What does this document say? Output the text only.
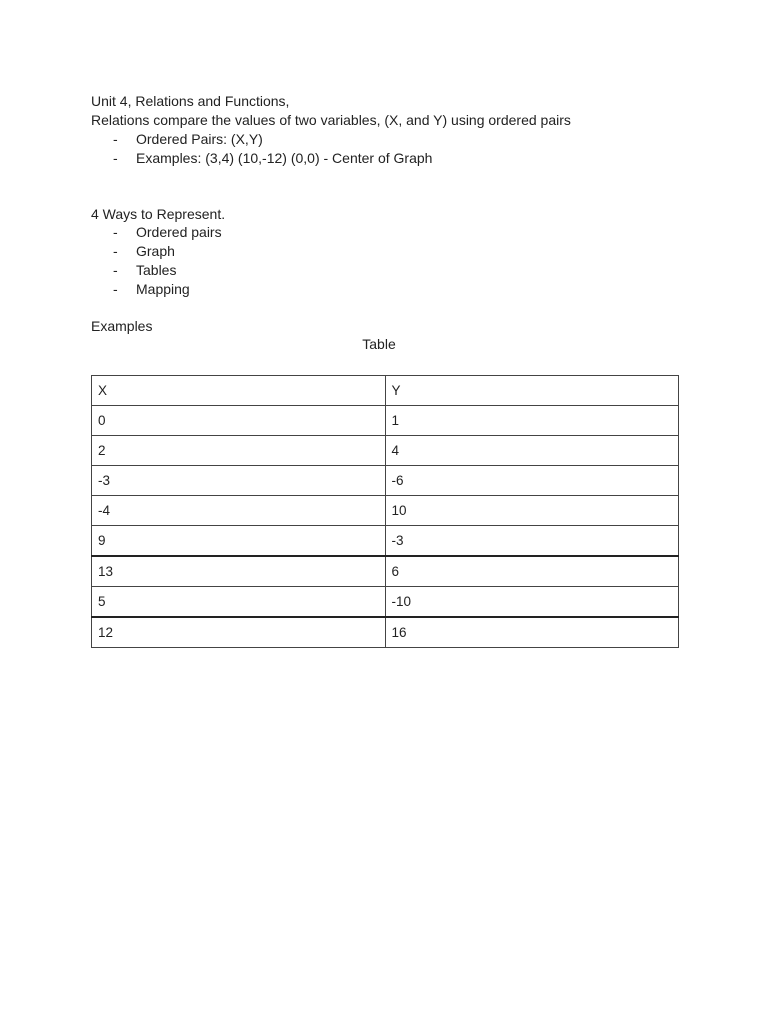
Unit 4, Relations and Functions,
Relations compare the values of two variables, (X, and Y) using ordered pairs
- Ordered Pairs: (X,Y)
- Examples: (3,4) (10,-12) (0,0) - Center of Graph
4 Ways to Represent.
- Ordered pairs
- Graph
- Tables
- Mapping
Examples
Table
X	Y
0	1
2	4
-3	-6
-4	10
9	-3
13	6
5	-10
12	16
